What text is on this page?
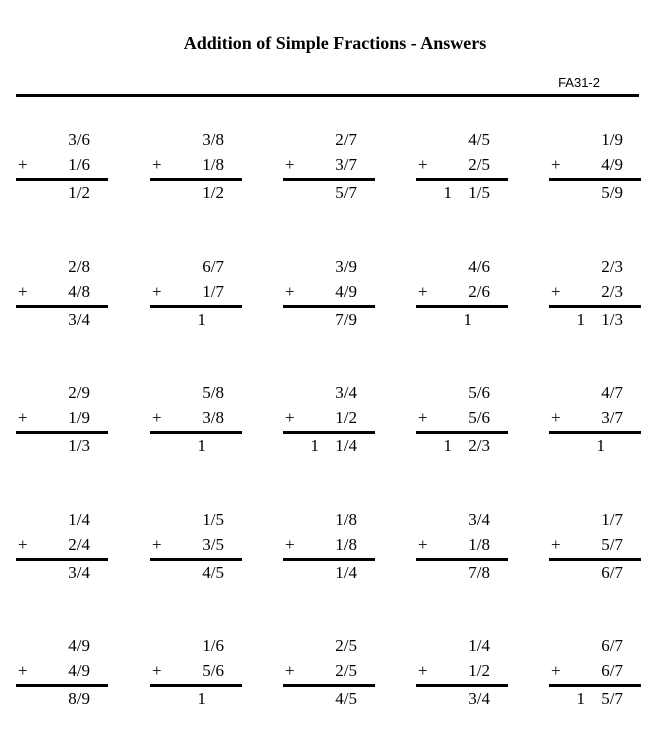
Addition of Simple Fractions - Answers
FA31-2
3/6
+	1/6
1/2
3/8
+	1/8
1/2
2/7
+	3/7
5/7
4/5
+	2/5
1 1/5
1/9
+	4/9
5/9
2/8
+	4/8
3/4
6/7
+	1/7
1
3/9
+	4/9
7/9
4/6
+	2/6
1
2/3
+	2/3
1 1/3
2/9
+	1/9
1/3
5/8
+	3/8
1
3/4
+	1/2
1 1/4
5/6
+	5/6
1 2/3
4/7
+	3/7
1
1/4
+	2/4
3/4
1/5
+	3/5
4/5
1/8
+	1/8
1/4
3/4
+	1/8
7/8
1/7
+	5/7
6/7
4/9
+	4/9
8/9
1/6
+	5/6
1
2/5
+	2/5
4/5
1/4
+	1/2
3/4
6/7
+	6/7
1 5/7
